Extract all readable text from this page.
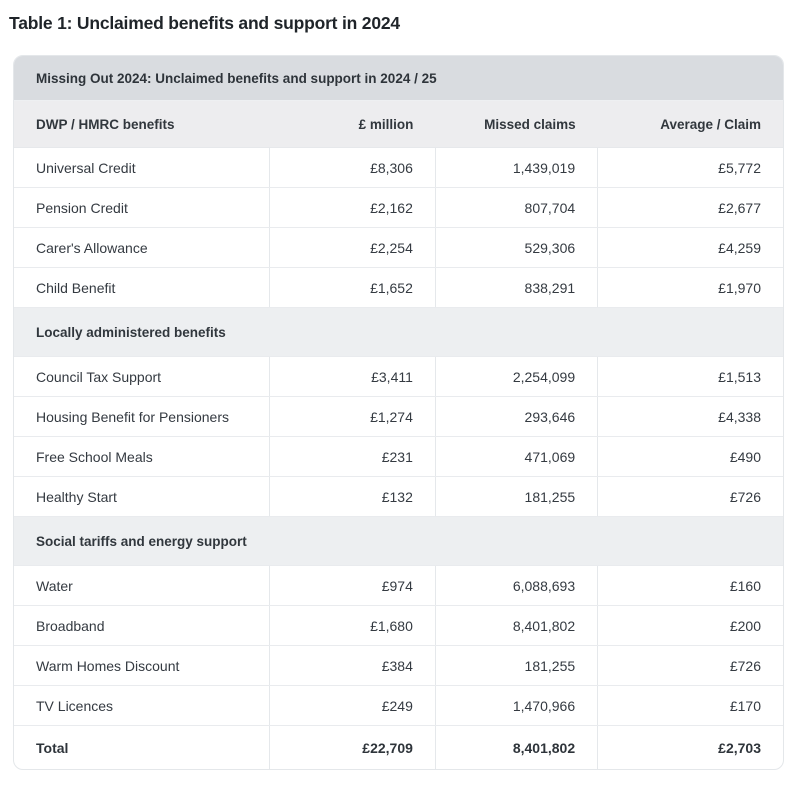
Table 1: Unclaimed benefits and support in 2024
Missing Out 2024: Unclaimed benefits and support in 2024 / 25
DWP / HMRC benefits	£ million	Missed claims	Average / Claim
Universal Credit	£8,306	1,439,019	£5,772
Pension Credit	£2,162	807,704	£2,677
Carer's Allowance	£2,254	529,306	£4,259
Child Benefit	£1,652	838,291	£1,970
Locally administered benefits			
Council Tax Support	£3,411	2,254,099	£1,513
Housing Benefit for Pensioners	£1,274	293,646	£4,338
Free School Meals	£231	471,069	£490
Healthy Start	£132	181,255	£726
Social tariffs and energy support			
Water	£974	6,088,693	£160
Broadband	£1,680	8,401,802	£200
Warm Homes Discount	£384	181,255	£726
TV Licences	£249	1,470,966	£170
Total	£22,709	8,401,802	£2,703
